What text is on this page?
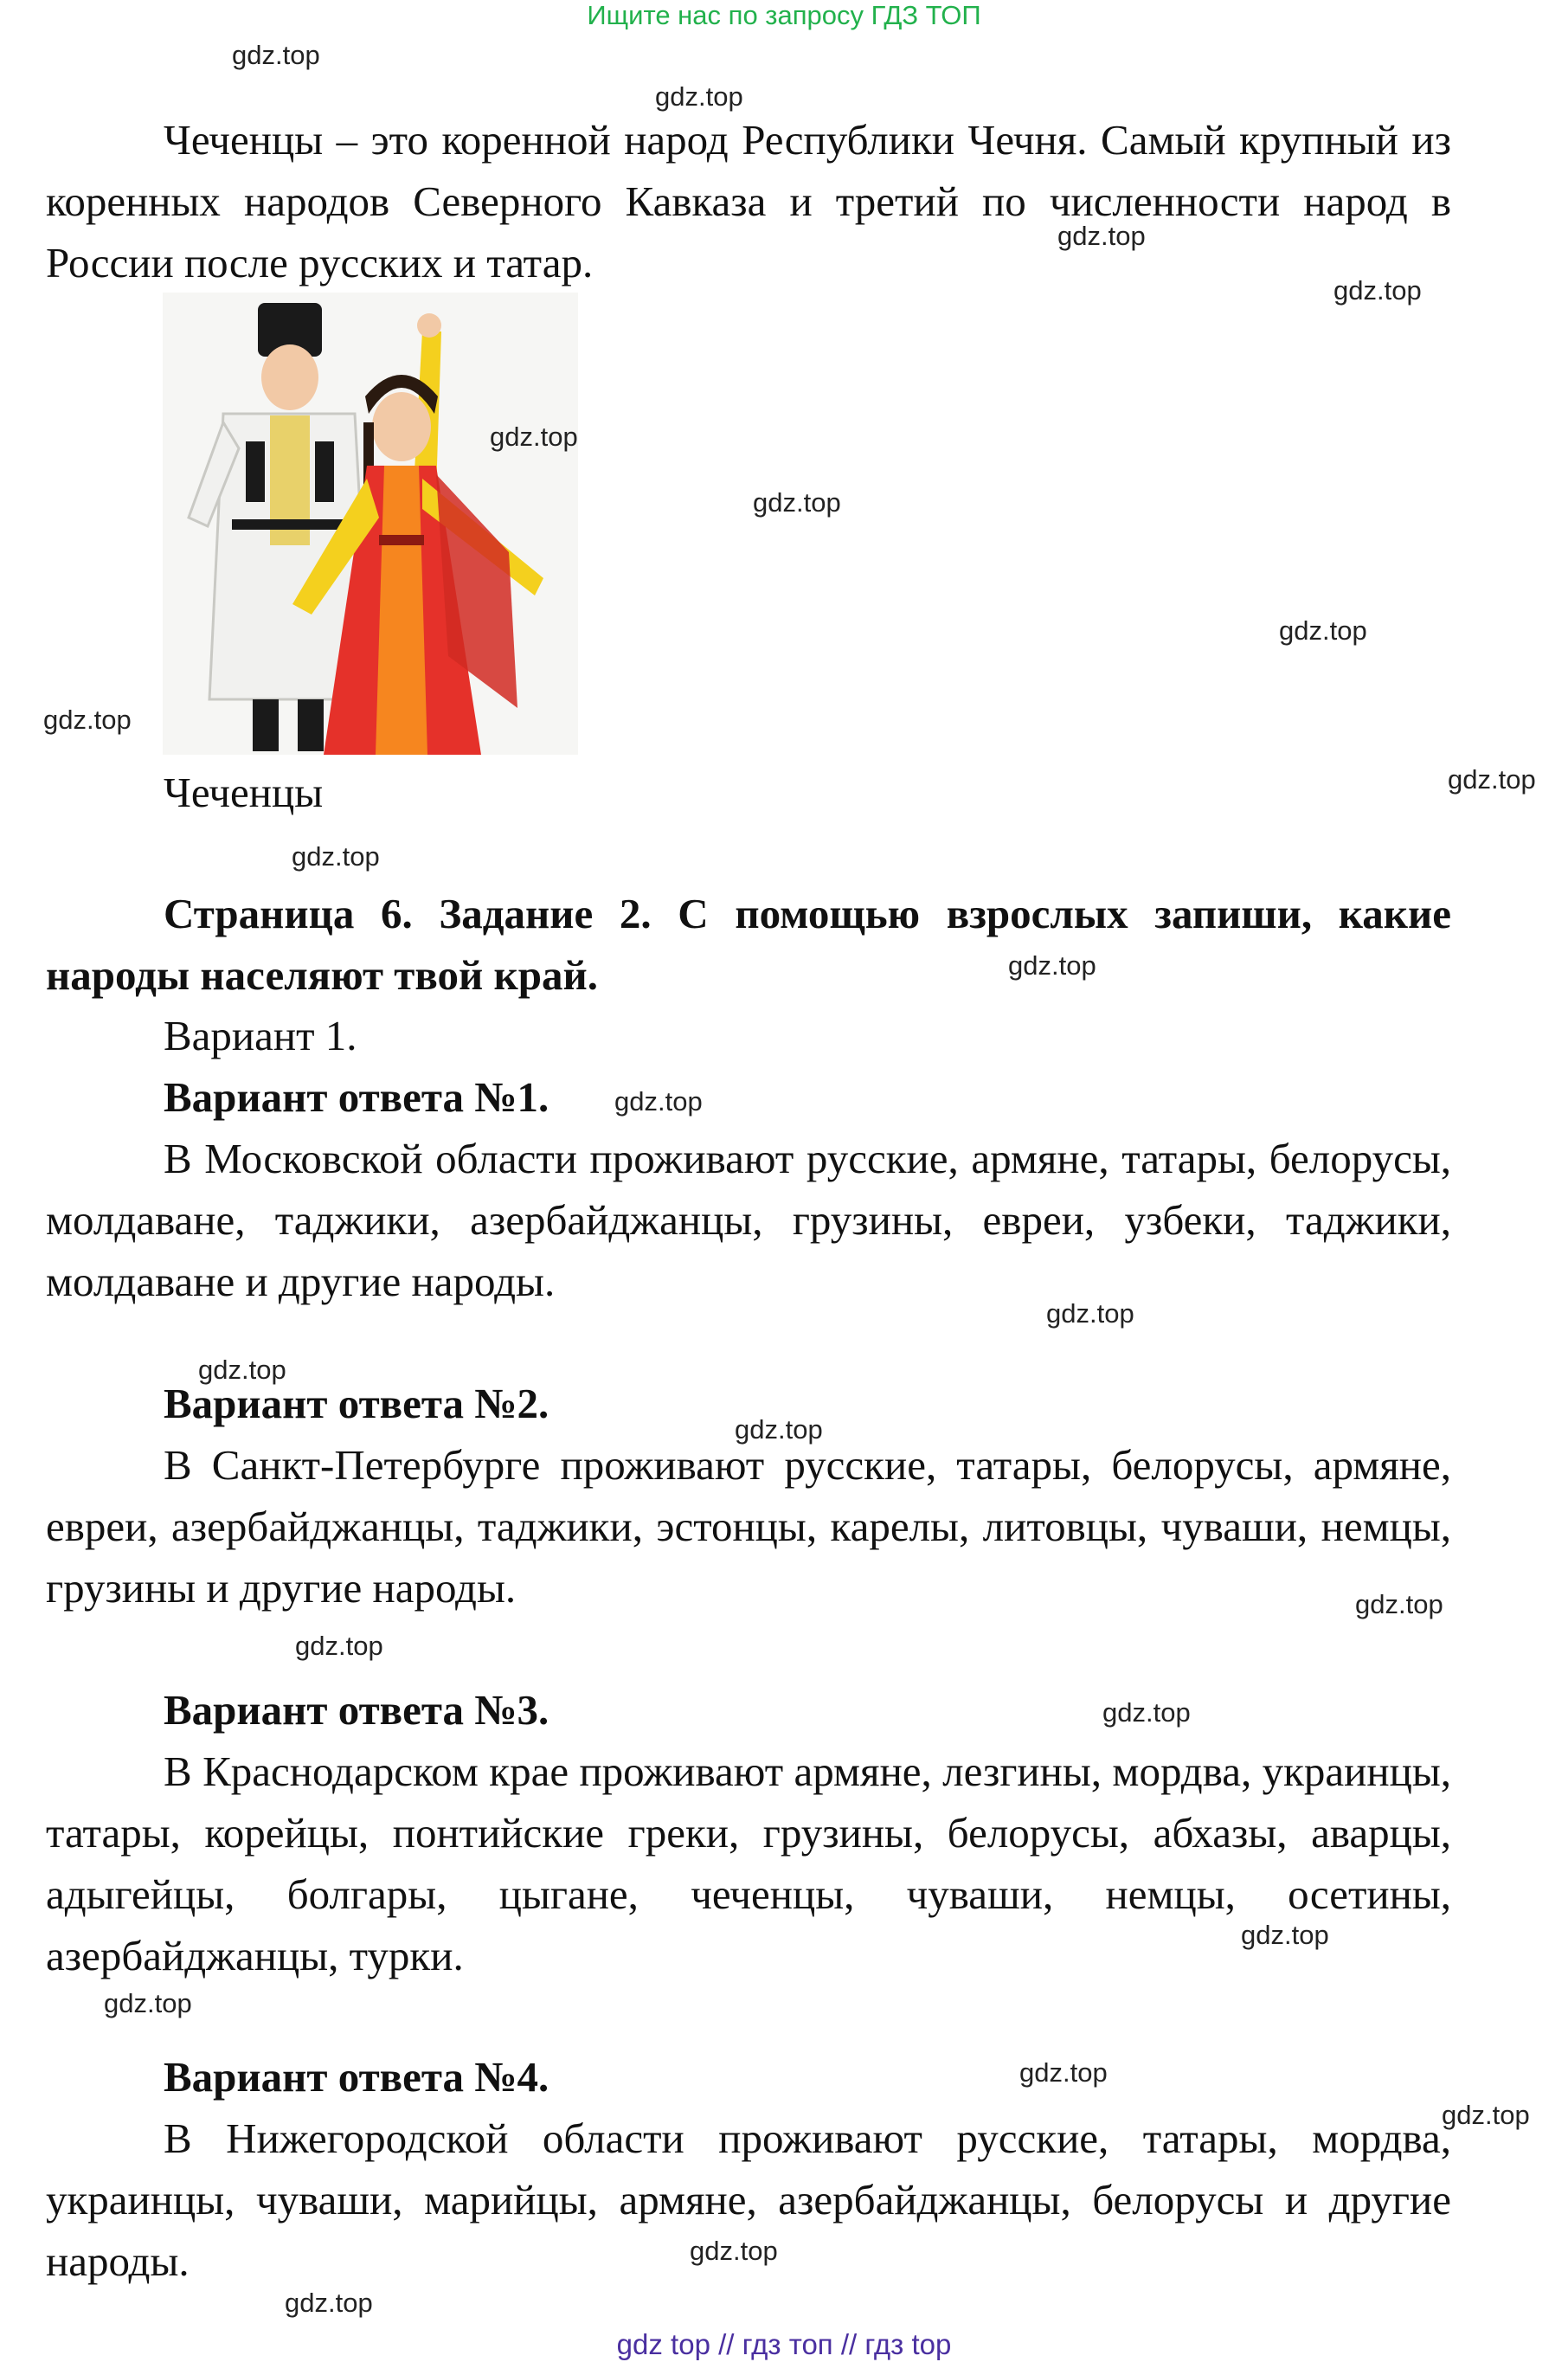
Ищите нас по запросу ГДЗ ТОП

Чеченцы – это коренной народ Республики Чечня. Самый крупный из коренных народов Северного Кавказа и третий по численности народ в России после русских и татар.

Чеченцы

Страница 6. Задание 2. С помощью взрослых запиши, какие народы населяют твой край.

Вариант 1.
Вариант ответа №1.

В Московской области проживают русские, армяне, татары, белорусы, молдаване, таджики, азербайджанцы, грузины, евреи, узбеки, таджики, молдаване и другие народы.

Вариант ответа №2.

В Санкт-Петербурге проживают русские, татары, белорусы, армяне, евреи, азербайджанцы, таджики, эстонцы, карелы, литовцы, чуваши, немцы, грузины и другие народы.

Вариант ответа №3.

В Краснодарском крае проживают армяне, лезгины, мордва, украинцы, татары, корейцы, понтийские греки, грузины, белорусы, абхазы, аварцы, адыгейцы, болгары, цыгане, чеченцы, чуваши, немцы, осетины, азербайджанцы, турки.

Вариант ответа №4.

В Нижегородской области проживают русские, татары, мордва, украинцы, чуваши, марийцы, армяне, азербайджанцы, белорусы и другие народы.

gdz.top
gdz.top
gdz.top
gdz.top
gdz.top
gdz.top
gdz.top
gdz.top
gdz.top
gdz.top
gdz.top
gdz.top
gdz.top
gdz.top
gdz.top
gdz.top
gdz.top
gdz.top
gdz.top
gdz.top
gdz.top
gdz.top
gdz.top
gdz.top
gdz top // гдз топ // гдз top
